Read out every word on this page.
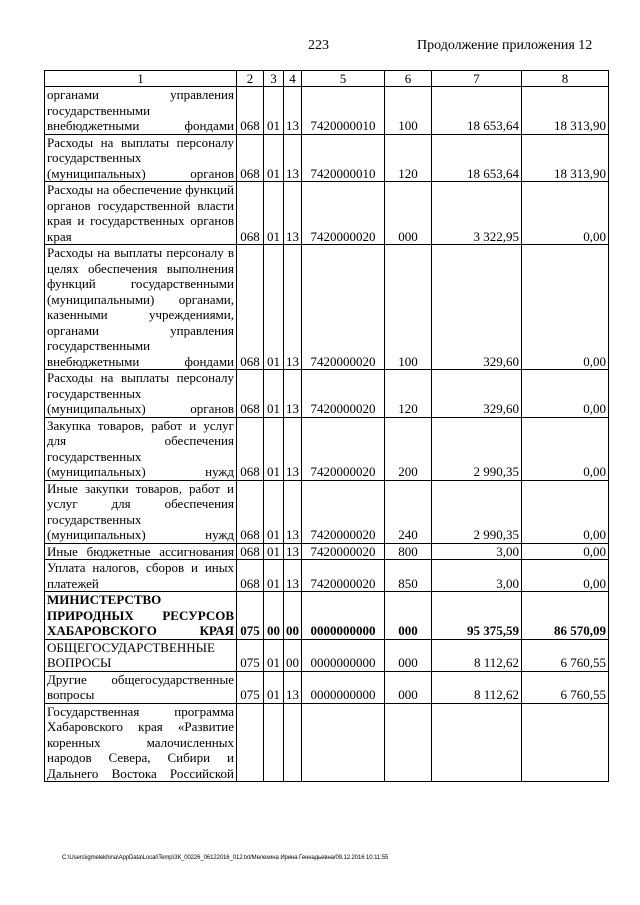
223	Продолжение приложения 12
1	2	3	4	5	6	7	8
органами управления государственными внебюджетными фондами	068	01	13	7420000010	100	18 653,64	18 313,90
Расходы на выплаты персоналу государственных (муниципальных) органов	068	01	13	7420000010	120	18 653,64	18 313,90
Расходы на обеспечение функций органов государственной власти края и государственных органов края	068	01	13	7420000020	000	3 322,95	0,00
Расходы на выплаты персоналу в целях обеспечения выполнения функций государственными (муниципальными) органами, казенными учреждениями, органами управления государственными внебюджетными фондами	068	01	13	7420000020	100	329,60	0,00
Расходы на выплаты персоналу государственных (муниципальных) органов	068	01	13	7420000020	120	329,60	0,00
Закупка товаров, работ и услуг для обеспечения государственных (муниципальных) нужд	068	01	13	7420000020	200	2 990,35	0,00
Иные закупки товаров, работ и услуг для обеспечения государственных (муниципальных) нужд	068	01	13	7420000020	240	2 990,35	0,00
Иные бюджетные ассигнования	068	01	13	7420000020	800	3,00	0,00
Уплата налогов, сборов и иных платежей	068	01	13	7420000020	850	3,00	0,00
МИНИСТЕРСТВО ПРИРОДНЫХ РЕСУРСОВ ХАБАРОВСКОГО КРАЯ	075	00	00	0000000000	000	95 375,59	86 570,09
ОБЩЕГОСУДАРСТВЕННЫЕ ВОПРОСЫ	075	01	00	0000000000	000	8 112,62	6 760,55
Другие общегосударственные вопросы	075	01	13	0000000000	000	8 112,62	6 760,55
Государственная программа Хабаровского края «Развитие коренных малочисленных народов Севера, Сибири и Дальнего Востока Российской							
C:\Users\igmelekhina\AppData\Local\Temp\ЗК_00226_06122016_012.txt/Мелехина Ирина Геннадьевна/09.12.2016 10:11:55
